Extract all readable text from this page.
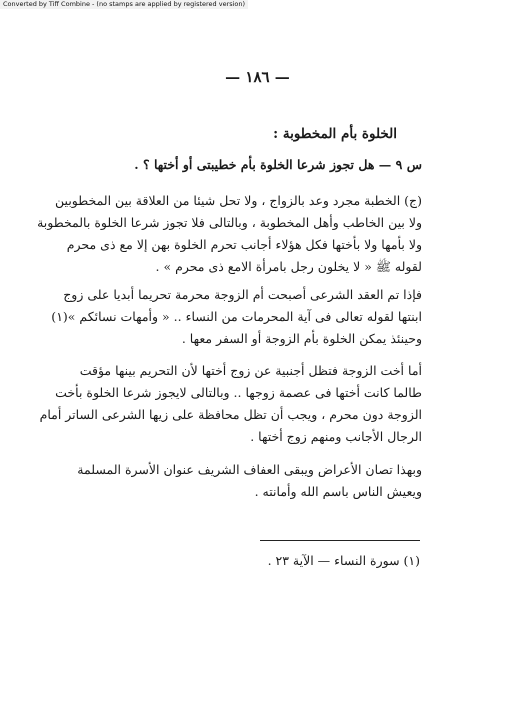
Converted by Tiff Combine - (no stamps are applied by registered version)
— ١٨٦ —
الخلوة بأم المخطوبة :
س ٩ — هل تجوز شرعا الخلوة بأم خطيبتى أو أختها ؟ .
(ج) الخطبة مجرد وعد بالزواج ، ولا تحل شيئا من العلاقة بين المخطوبين
ولا بين الخاطب وأهل المخطوبة ، وبالتالى فلا تجوز شرعا الخلوة بالمخطوبة
ولا بأمها ولا بأختها فكل هؤلاء أجانب تحرم الخلوة بهن إلا مع ذى محرم
لقوله ﷺ « لا يخلون رجل بامرأة الامع ذى محرم » .
فإذا تم العقد الشرعى أصبحت أم الزوجة محرمة تحريما أبديا على زوج
ابنتها لقوله تعالى فى آية المحرمات من النساء .. « وأمهات نسائكم »(١)
وحينئذ يمكن الخلوة بأم الزوجة أو السفر معها .
أما أخت الزوجة فتظل أجنبية عن زوج أختها لأن التحريم بينها مؤقت
طالما كانت أختها فى عصمة زوجها .. وبالتالى لايجوز شرعا الخلوة بأخت
الزوجة دون محرم ، ويجب أن تظل محافظة على زيها الشرعى الساتر أمام
الرجال الأجانب ومنهم زوج أختها .
وبهذا تصان الأعراض ويبقى العفاف الشريف عنوان الأسرة المسلمة
ويعيش الناس باسم الله وأمانته .
(١) سورة النساء — الآية ٢٣ .
